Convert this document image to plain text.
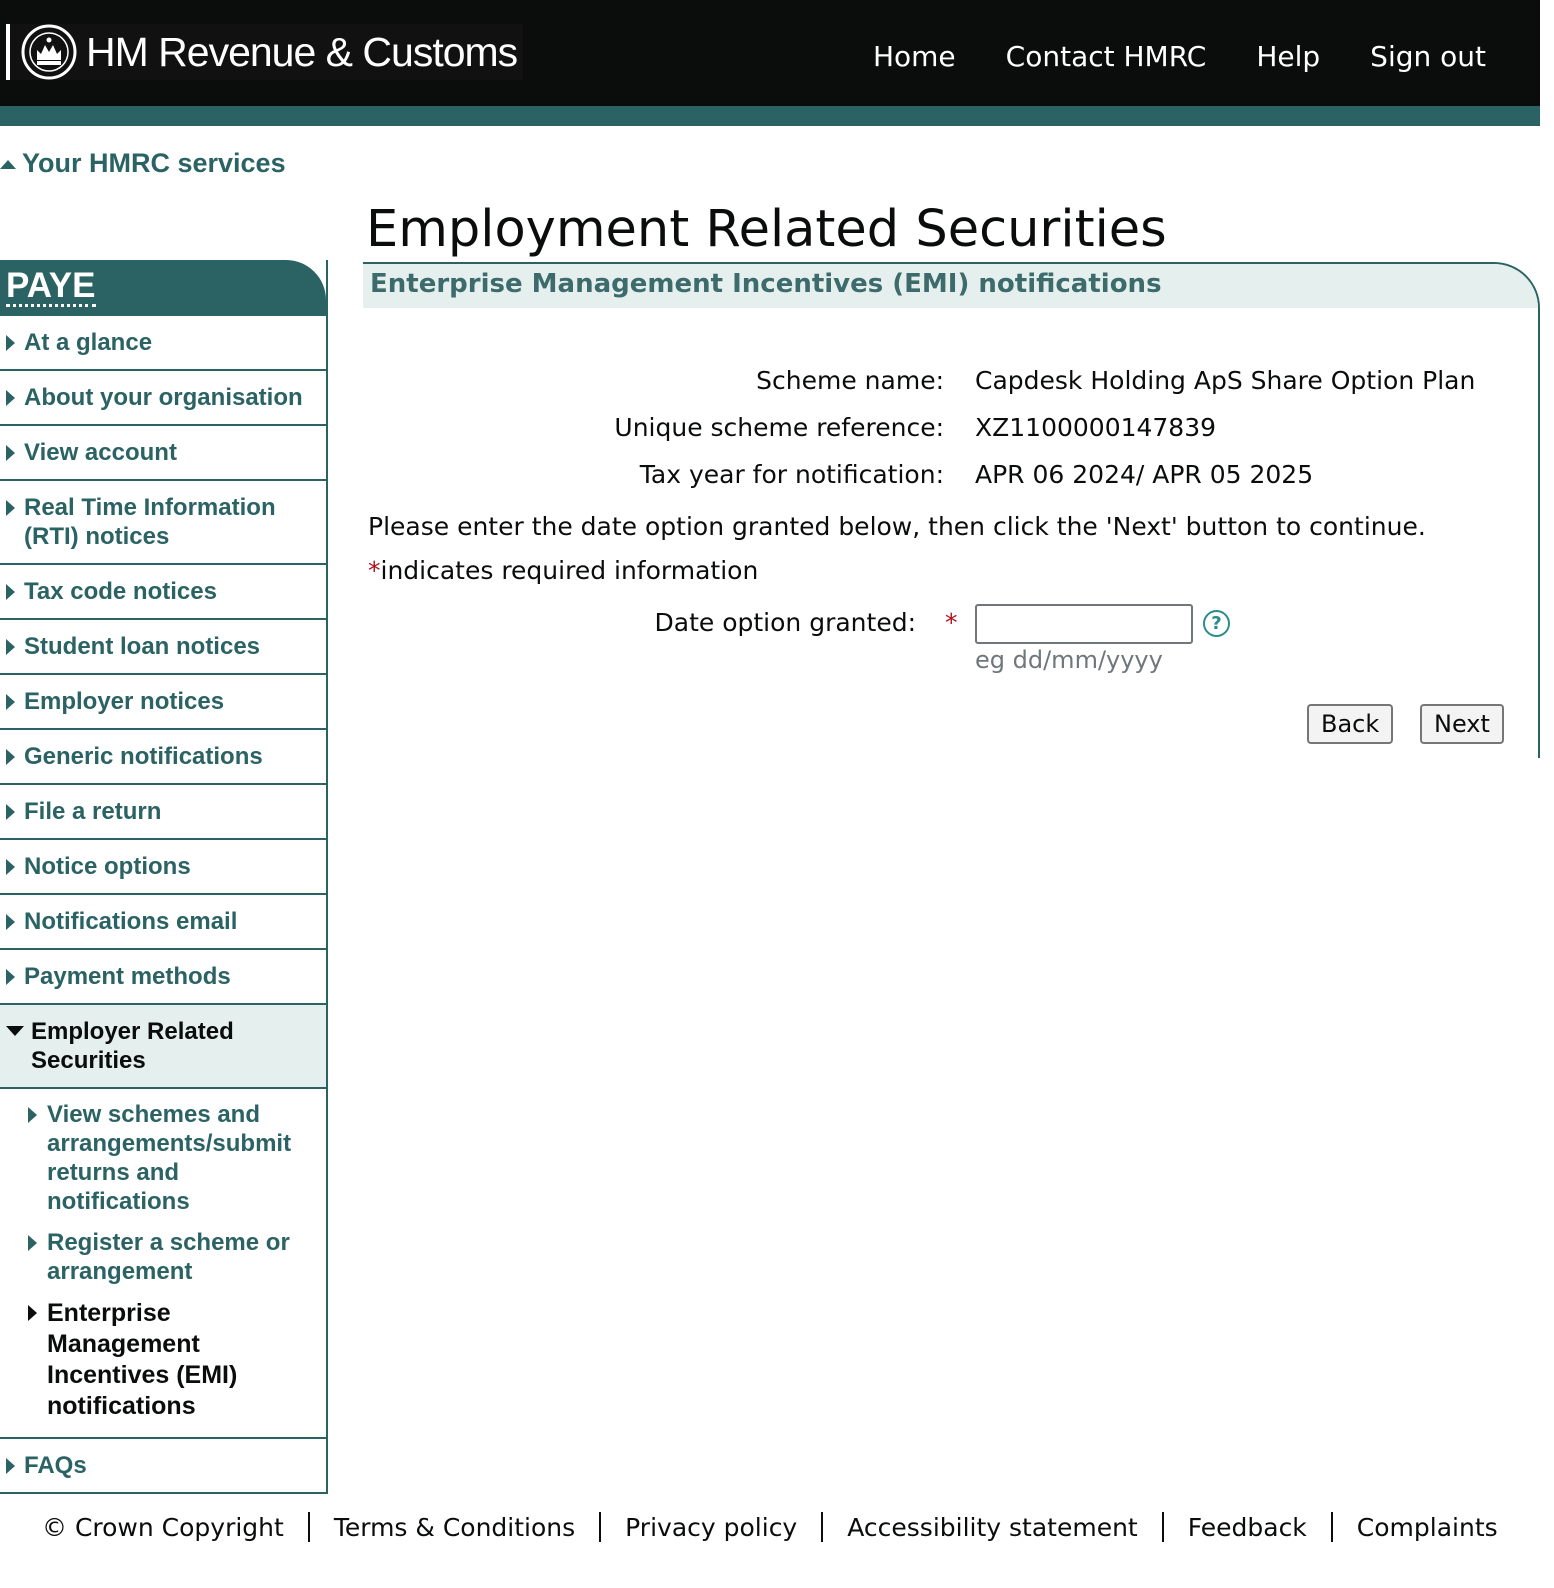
HM Revenue & Customs	Home Contact HMRC Help Sign out
Your HMRC services
PAYE
At a glance
About your organisation
View account
Real Time Information (RTI) notices
Tax code notices
Student loan notices
Employer notices
Generic notifications
File a return
Notice options
Notifications email
Payment methods
Employer Related Securities
View schemes and arrangements/submit returns and notifications
Register a scheme or arrangement
Enterprise Management Incentives (EMI) notifications
FAQs
Employment Related Securities
Enterprise Management Incentives (EMI) notifications
Scheme name: Capdesk Holding ApS Share Option Plan
Unique scheme reference: XZ1100000147839
Tax year for notification: APR 06 2024/ APR 05 2025
Please enter the date option granted below, then click the 'Next' button to continue.
*indicates required information
Date option granted: *	?
eg dd/mm/yyyy
Back	Next
© Crown Copyright Terms & Conditions Privacy policy Accessibility statement Feedback Complaints
